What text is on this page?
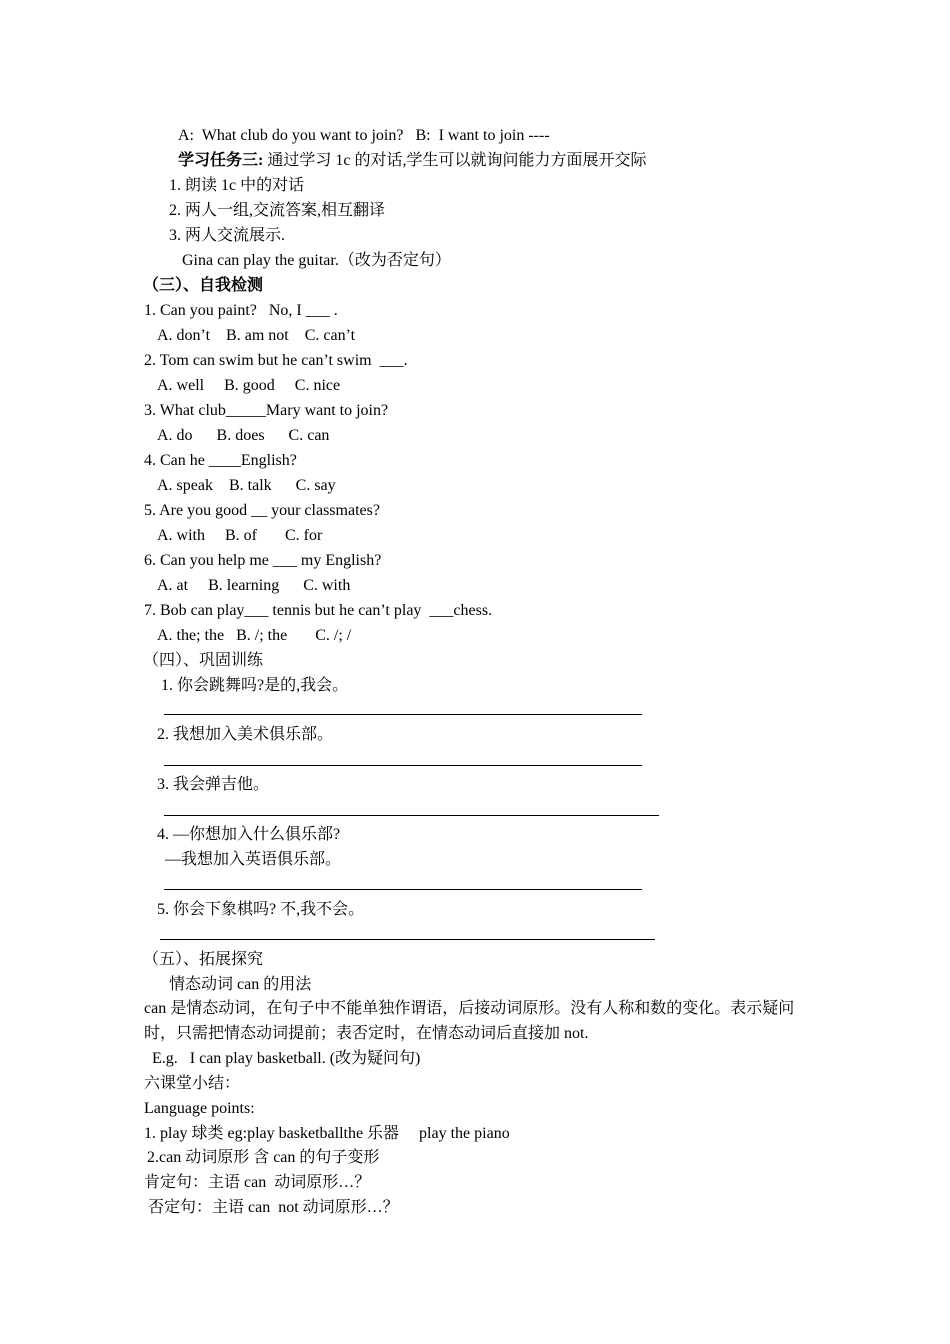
A:  What club do you want to join?   B:  I want to join ----
学习任务三: 通过学习 1c 的对话,学生可以就询问能力方面展开交际
1. 朗读 1c 中的对话
2. 两人一组,交流答案,相互翻译
3. 两人交流展示.
Gina can play the guitar.（改为否定句）
（三）、自我检测
1. Can you paint?   No, I ___ .
A. don’t    B. am not    C. can’t
2. Tom can swim but he can’t swim  ___.
A. well     B. good     C. nice
3. What club_____Mary want to join?
A. do      B. does      C. can
4. Can he ____English?
A. speak    B. talk      C. say
5. Are you good __ your classmates?
A. with     B. of       C. for
6. Can you help me ___ my English?
A. at     B. learning      C. with
7. Bob can play___ tennis but he can’t play  ___chess.
A. the; the   B. /; the       C. /; /
（四）、巩固训练
1. 你会跳舞吗?是的,我会。
2. 我想加入美术俱乐部。
3. 我会弹吉他。
4. —你想加入什么俱乐部?
—我想加入英语俱乐部。
5. 你会下象棋吗? 不,我不会。
（五）、拓展探究
情态动词 can 的用法
can 是情态动词，在句子中不能单独作谓语，后接动词原形。没有人称和数的变化。表示疑问
时，只需把情态动词提前；表否定时，在情态动词后直接加 not.
E.g.   I can play basketball. (改为疑问句)
六课堂小结：
Language points:
1. play 球类 eg:play basketballthe 乐器     play the piano
2.can 动词原形 含 can 的句子变形
肯定句：主语 can  动词原形…？
否定句：主语 can  not 动词原形…？
